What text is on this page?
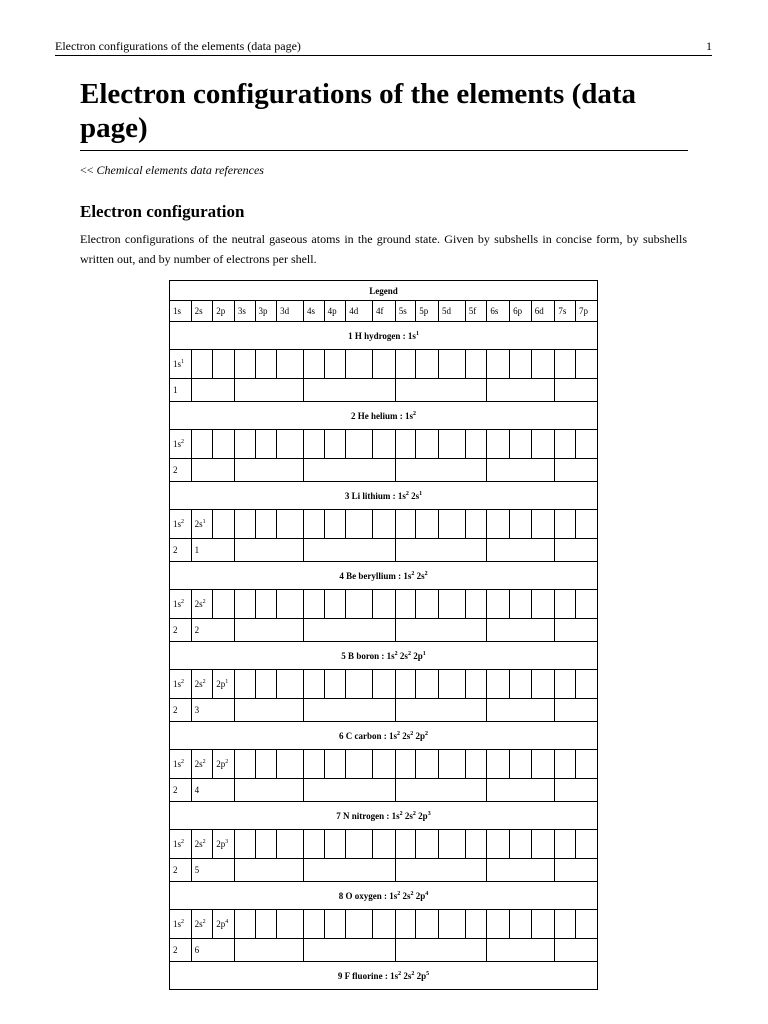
Electron configurations of the elements (data page)	1
Electron configurations of the elements (data page)
<< Chemical elements data references
Electron configuration

Electron configurations of the neutral gaseous atoms in the ground state. Given by subshells in concise form, by subshells written out, and by number of electrons per shell.

Legend																		
1s	2s	2p	3s	3p	3d	4s	4p	4d	4f	5s	5p	5d	5f	6s	6p	6d	7s	7p
1 H hydrogen : $1s^1$
$1s^1$																		
1																		
2 He helium : $1s^2$
$1s^2$																		
2																		
3 Li lithium : $1s^2$ $2s^1$
$1s^2$	$2s^1$																	
2	1																	
4 Be beryllium : $1s^2$ $2s^2$
$1s^2$	$2s^2$																	
2	2																	
5 B boron : $1s^2$ $2s^2$ $2p^1$
$1s^2$	$2s^2$	$2p^1$																
2	3																	
6 C carbon : $1s^2$ $2s^2$ $2p^2$
$1s^2$	$2s^2$	$2p^2$																
2	4																	
7 N nitrogen : $1s^2$ $2s^2$ $2p^3$
$1s^2$	$2s^2$	$2p^3$																
2	5																	
8 O oxygen : $1s^2$ $2s^2$ $2p^4$
$1s^2$	$2s^2$	$2p^4$																
2	6																	
9 F fluorine : $1s^2$ $2s^2$ $2p^5$
